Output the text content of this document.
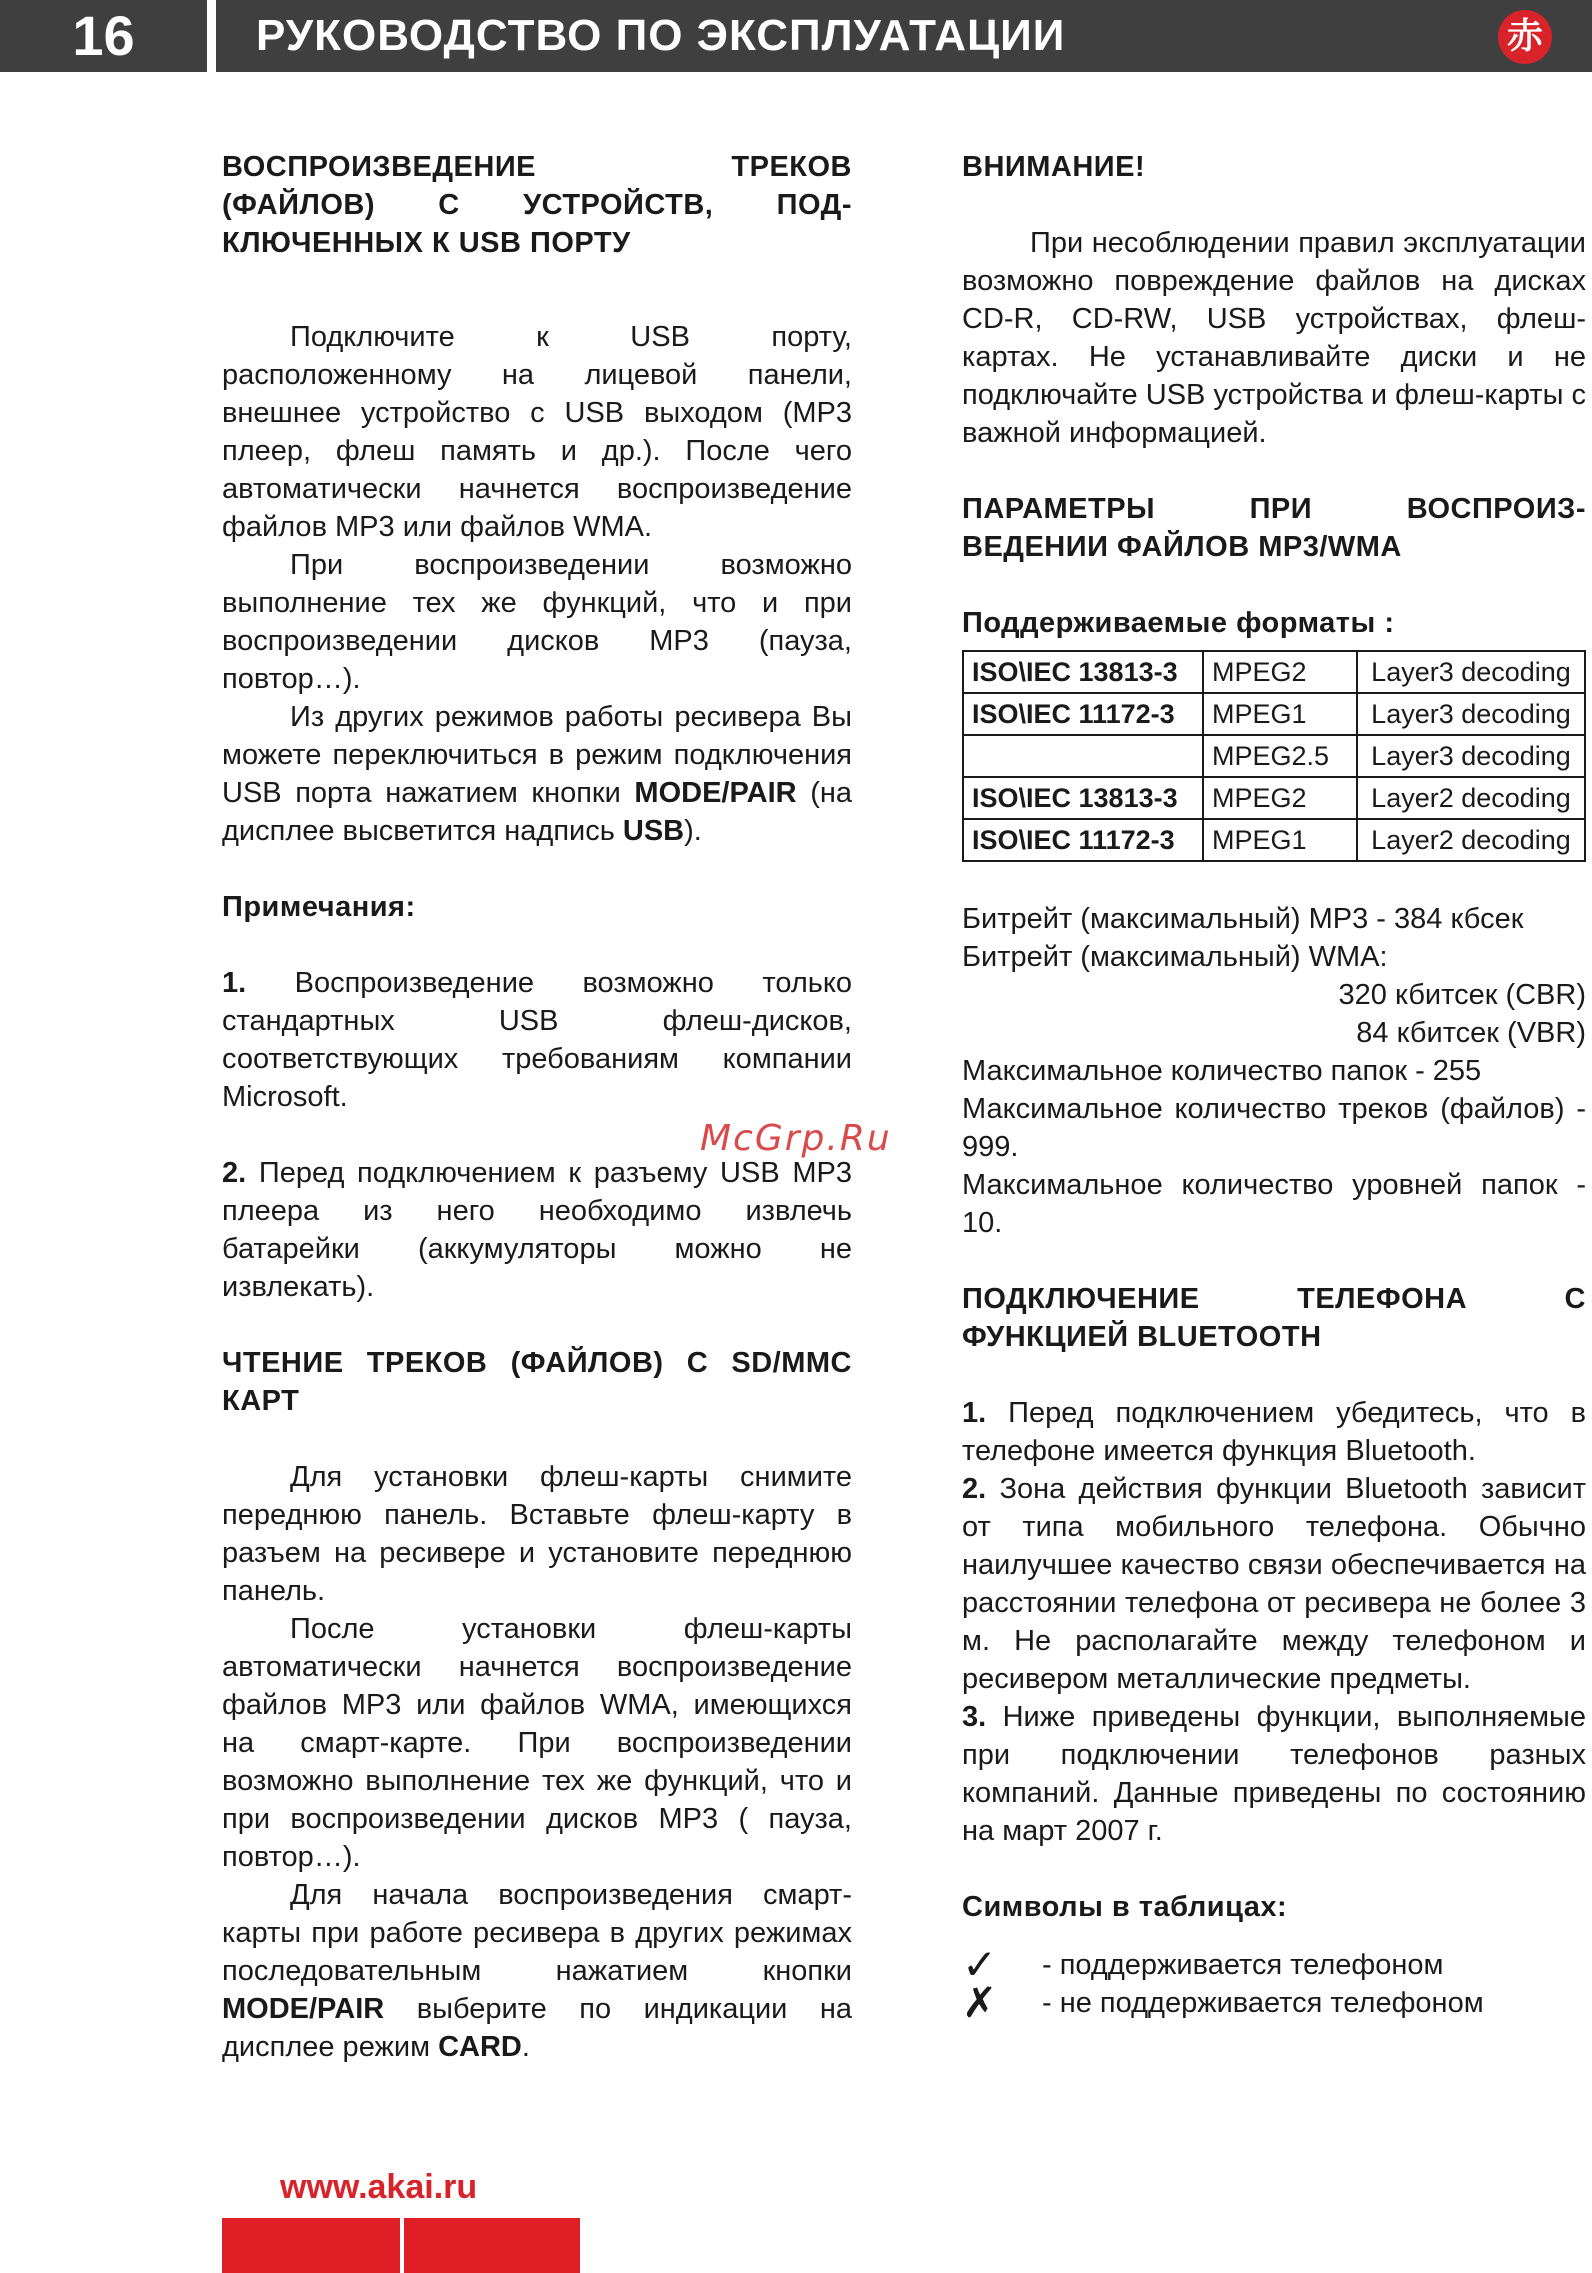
16	РУКОВОДСТВО ПО ЭКСПЛУАТАЦИИ	赤

ВОСПРОИЗВЕДЕНИЕ ТРЕКОВ

(ФАЙЛОВ) С УСТРОЙСТВ, ПОД-

КЛЮЧЕННЫХ К USB ПОРТУ

Подключите к USB порту, расположенному на лицевой панели, внешнее устройство с USB выходом (MP3 плеер, флеш память и др.). После чего автоматически начнется воспроизведение файлов MP3 или файлов WMA.

При воспроизведении возможно выполнение тех же функций, что и при воспроизведении дисков MP3 (пауза, повтор…).

Из других режимов работы ресивера Вы можете переключиться в режим подключения USB порта нажатием кнопки MODE/PAIR (на дисплее высветится надпись USB).

Примечания:

1. Воспроизведение возможно только стандартных USB флеш-дисков, соответствующих требованиям компании Microsoft.

2. Перед подключением к разъему USB MP3 плеера из него необходимо извлечь батарейки (аккумуляторы можно не извлекать).

ЧТЕНИЕ ТРЕКОВ (ФАЙЛОВ) С SD/MMC КАРТ

Для установки флеш-карты снимите переднюю панель. Вставьте флеш-карту в разъем на ресивере и установите переднюю панель.

После установки флеш-карты автоматически начнется воспроизведение файлов MP3 или файлов WMA, имеющихся на смарт-карте. При воспроизведении возможно выполнение тех же функций, что и при воспроизведении дисков MP3 ( пауза, повтор…).

Для начала воспроизведения смарт-карты при работе ресивера в других режимах последовательным нажатием кнопки MODE/PAIR выберите по индикации на дисплее режим CARD.

ВНИМАНИЕ!

При несоблюдении правил эксплуатации возможно повреждение файлов на дисках CD-R, CD-RW, USB устройствах, флеш-картах. Не устанавливайте диски и не подключайте USB устройства и флеш-карты с важной информацией.

ПАРАМЕТРЫ ПРИ ВОСПРОИЗ-

ВЕДЕНИИ ФАЙЛОВ MP3/WMA

Поддерживаемые форматы :

ISO\IEC 13813-3	MPEG2	Layer3 decoding
ISO\IEC 11172-3	MPEG1	Layer3 decoding
	MPEG2.5	Layer3 decoding
ISO\IEC 13813-3	MPEG2	Layer2 decoding
ISO\IEC 11172-3	MPEG1	Layer2 decoding

Битрейт (максимальный) MP3 - 384 кбсек

Битрейт (максимальный) WMA:

320 кбитсек (CBR)

84 кбитсек (VBR)

Максимальное количество папок - 255

Максимальное количество треков (файлов) - 999.

Максимальное количество уровней папок - 10.

ПОДКЛЮЧЕНИЕ ТЕЛЕФОНА С

ФУНКЦИЕЙ BLUETOOTH

1. Перед подключением убедитесь, что в телефоне имеется функция Bluetooth.

2. Зона действия функции Bluetooth зависит от типа мобильного телефона. Обычно наилучшее качество связи обеспечивается на расстоянии телефона от ресивера не более 3 м. Не располагайте между телефоном и ресивером металлические предметы.

3. Ниже приведены функции, выполняемые при подключении телефонов разных компаний. Данные приведены по состоянию на март 2007 г.

Символы в таблицах:

✓	- поддерживается телефоном
✗	- не поддерживается телефоном
McGrp.Ru
www.akai.ru
